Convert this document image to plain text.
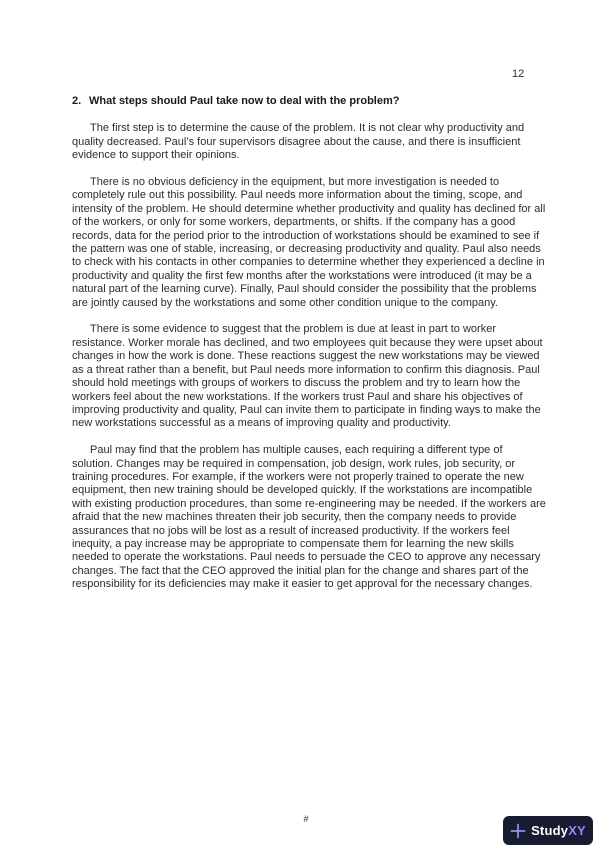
12
2. What steps should Paul take now to deal with the problem?

The first step is to determine the cause of the problem. It is not clear why productivity and quality decreased. Paul’s four supervisors disagree about the cause, and there is insufficient evidence to support their opinions.

There is no obvious deficiency in the equipment, but more investigation is needed to completely rule out this possibility. Paul needs more information about the timing, scope, and intensity of the problem. He should determine whether productivity and quality has declined for all of the workers, or only for some workers, departments, or shifts. If the company has a good records, data for the period prior to the introduction of workstations should be examined to see if the pattern was one of stable, increasing, or decreasing productivity and quality. Paul also needs to check with his contacts in other companies to determine whether they experienced a decline in productivity and quality the first few months after the workstations were introduced (it may be a natural part of the learning curve). Finally, Paul should consider the possibility that the problems are jointly caused by the workstations and some other condition unique to the company.

There is some evidence to suggest that the problem is due at least in part to worker resistance. Worker morale has declined, and two employees quit because they were upset about changes in how the work is done. These reactions suggest the new workstations may be viewed as a threat rather than a benefit, but Paul needs more information to confirm this diagnosis. Paul should hold meetings with groups of workers to discuss the problem and try to learn how the workers feel about the new workstations. If the workers trust Paul and share his objectives of improving productivity and quality, Paul can invite them to participate in finding ways to make the new workstations successful as a means of improving quality and productivity.

Paul may find that the problem has multiple causes, each requiring a different type of solution. Changes may be required in compensation, job design, work rules, job security, or training procedures. For example, if the workers were not properly trained to operate the new equipment, then new training should be developed quickly. If the workstations are incompatible with existing production procedures, than some re-engineering may be needed. If the workers are afraid that the new machines threaten their job security, then the company needs to provide assurances that no jobs will be lost as a result of increased productivity. If the workers feel inequity, a pay increase may be appropriate to compensate them for learning the new skills needed to operate the workstations. Paul needs to persuade the CEO to approve any necessary changes. The fact that the CEO approved the initial plan for the change and shares part of the responsibility for its deficiencies may make it easier to get approval for the necessary changes.

#
StudyXY
